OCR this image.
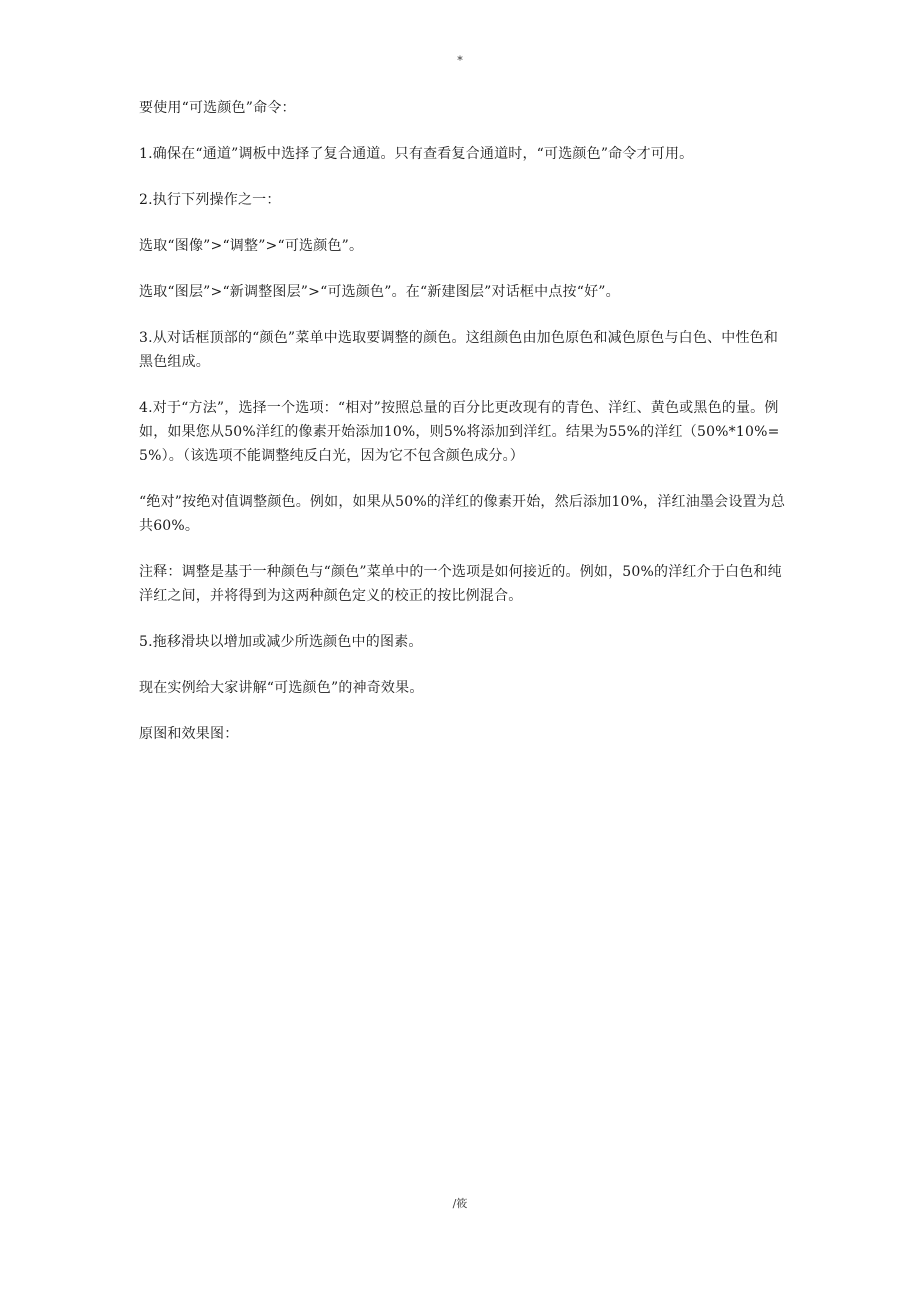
*

要使用“可选颜色”命令：

1.确保在“通道”调板中选择了复合通道。只有查看复合通道时，“可选颜色”命令才可用。

2.执行下列操作之一：

选取“图像”>“调整”>“可选颜色”。

选取“图层”>“新调整图层”>“可选颜色”。在“新建图层”对话框中点按“好”。

3.从对话框顶部的“颜色”菜单中选取要调整的颜色。这组颜色由加色原色和减色原色与白色、中性色和黑色组成。

4.对于“方法”，选择一个选项：“相对”按照总量的百分比更改现有的青色、洋红、黄色或黑色的量。例如，如果您从50%洋红的像素开始添加10%，则5%将添加到洋红。结果为55%的洋红（50%*10%=5%）。（该选项不能调整纯反白光，因为它不包含颜色成分。）

“绝对”按绝对值调整颜色。例如，如果从50%的洋红的像素开始，然后添加10%，洋红油墨会设置为总共60%。

注释：调整是基于一种颜色与“颜色”菜单中的一个选项是如何接近的。例如，50%的洋红介于白色和纯洋红之间，并将得到为这两种颜色定义的校正的按比例混合。

5.拖移滑块以增加或减少所选颜色中的图素。

现在实例给大家讲解“可选颜色”的神奇效果。

原图和效果图：

/筱
